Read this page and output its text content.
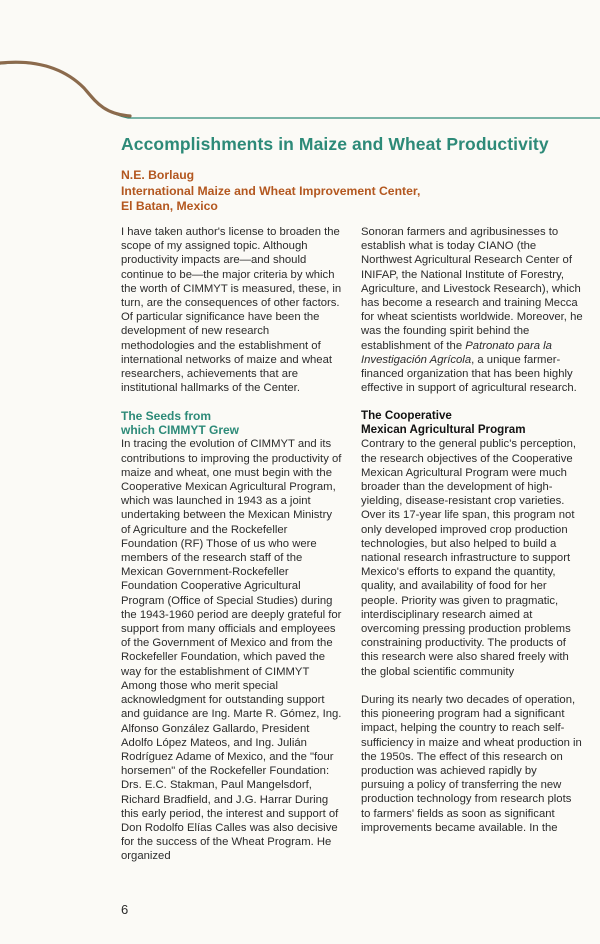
Accomplishments in Maize and Wheat Productivity
N.E. Borlaug
International Maize and Wheat Improvement Center,
El Batan, Mexico

I have taken author's license to broaden the scope of my assigned topic. Although productivity impacts are—and should continue to be—the major criteria by which the worth of CIMMYT is measured, these, in turn, are the consequences of other factors. Of particular significance have been the development of new research methodologies and the establishment of international networks of maize and wheat researchers, achievements that are institutional hallmarks of the Center.

The Seeds from
which CIMMYT Grew

In tracing the evolution of CIMMYT and its contributions to improving the productivity of maize and wheat, one must begin with the Cooperative Mexican Agricultural Program, which was launched in 1943 as a joint undertaking between the Mexican Ministry of Agriculture and the Rockefeller Foundation (RF) Those of us who were members of the research staff of the Mexican Government-Rockefeller Foundation Cooperative Agricultural Program (Office of Special Studies) during the 1943-1960 period are deeply grateful for support from many officials and employees of the Government of Mexico and from the Rockefeller Foundation, which paved the way for the establishment of CIMMYT Among those who merit special acknowledgment for outstanding support and guidance are Ing. Marte R. Gómez, Ing. Alfonso González Gallardo, President Adolfo López Mateos, and Ing. Julián Rodríguez Adame of Mexico, and the "four horsemen" of the Rockefeller Foundation: Drs. E.C. Stakman, Paul Mangelsdorf, Richard Bradfield, and J.G. Harrar During this early period, the interest and support of Don Rodolfo Elías Calles was also decisive for the success of the Wheat Program. He organized

Sonoran farmers and agribusinesses to establish what is today CIANO (the Northwest Agricultural Research Center of INIFAP, the National Institute of Forestry, Agriculture, and Livestock Research), which has become a research and training Mecca for wheat scientists worldwide. Moreover, he was the founding spirit behind the establishment of the Patronato para la Investigación Agrícola, a unique farmer-financed organization that has been highly effective in support of agricultural research.

The Cooperative
Mexican Agricultural Program

Contrary to the general public's perception, the research objectives of the Cooperative Mexican Agricultural Program were much broader than the development of high-yielding, disease-resistant crop varieties. Over its 17-year life span, this program not only developed improved crop production technologies, but also helped to build a national research infrastructure to support Mexico's efforts to expand the quantity, quality, and availability of food for her people. Priority was given to pragmatic, interdisciplinary research aimed at overcoming pressing production problems constraining productivity. The products of this research were also shared freely with the global scientific community

During its nearly two decades of operation, this pioneering program had a significant impact, helping the country to reach self-sufficiency in maize and wheat production in the 1950s. The effect of this research on production was achieved rapidly by pursuing a policy of transferring the new production technology from research plots to farmers' fields as soon as significant improvements became available. In the

6
